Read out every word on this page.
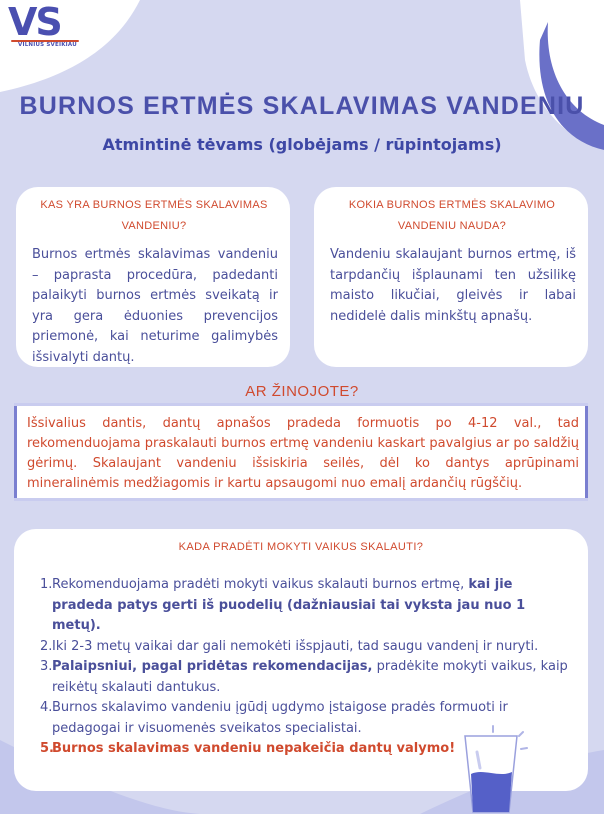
VS
VILNIUS SVEIKIAU
BURNOS ERTMĖS SKALAVIMAS VANDENIU
Atmintinė tėvams (globėjams / rūpintojams)
KAS YRA BURNOS ERTMĖS SKALAVIMAS VANDENIU?
Burnos ertmės skalavimas vandeniu – paprasta procedūra, padedanti palaikyti burnos ertmės sveikatą ir yra gera ėduonies prevencijos priemonė, kai neturime galimybės išsivalyti dantų.
KOKIA BURNOS ERTMĖS SKALAVIMO VANDENIU NAUDA?
Vandeniu skalaujant burnos ertmę, iš tarpdančių išplaunami ten užsilikę maisto likučiai, gleivės ir labai nedidelė dalis minkštų apnašų.
AR ŽINOJOTE?
Išsivalius dantis, dantų apnašos pradeda formuotis po 4-12 val., tad rekomenduojama praskalauti burnos ertmę vandeniu kaskart pavalgius ar po saldžių gėrimų. Skalaujant vandeniu išsiskiria seilės, dėl ko dantys aprūpinami mineralinėmis medžiagomis ir kartu apsaugomi nuo emalį ardančių rūgščių.
KADA PRADĖTI MOKYTI VAIKUS SKALAUTI?
1. Rekomenduojama pradėti mokyti vaikus skalauti burnos ertmę, kai jie pradeda patys gerti iš puodelių (dažniausiai tai vyksta jau nuo 1 metų).
2. Iki 2-3 metų vaikai dar gali nemokėti išspjauti, tad saugu vandenį ir nuryti.
3. Palaipsniui, pagal pridėtas rekomendacijas, pradėkite mokyti vaikus, kaip reikėtų skalauti dantukus.
4. Burnos skalavimo vandeniu įgūdį ugdymo įstaigose pradės formuoti ir pedagogai ir visuomenės sveikatos specialistai.
5.
Burnos skalavimas vandeniu nepakeičia dantų valymo!
